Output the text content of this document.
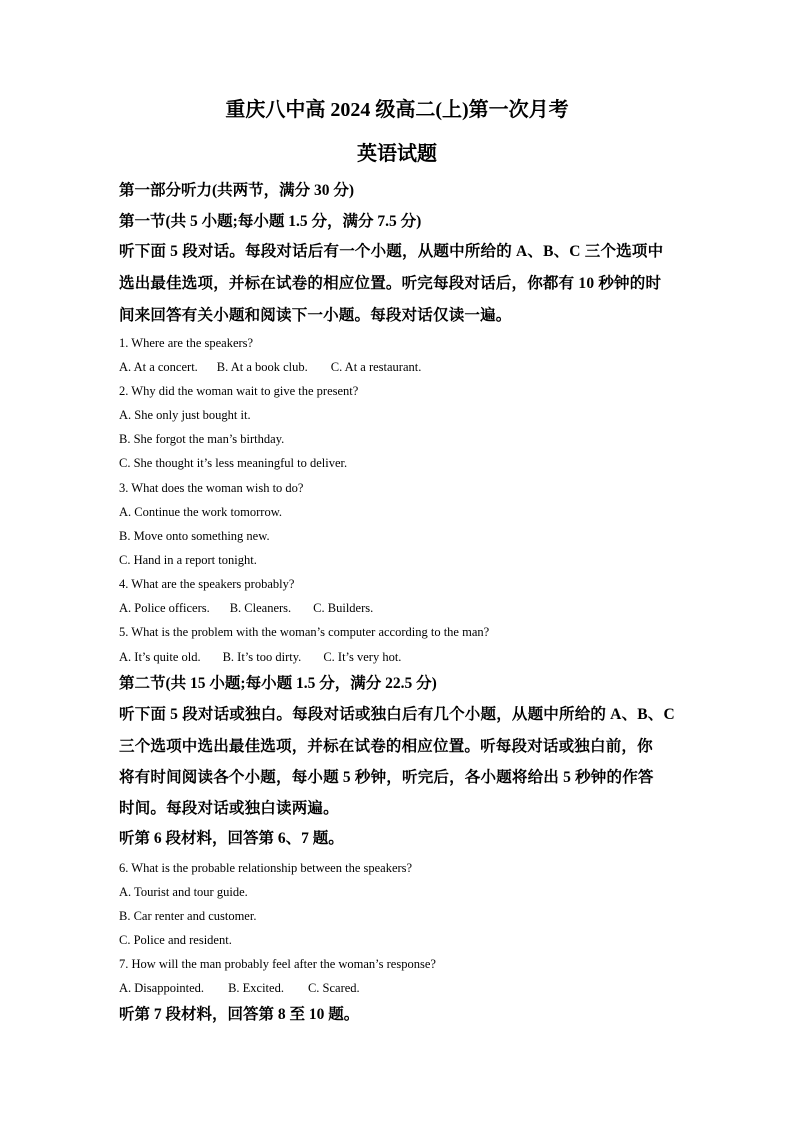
重庆八中高 2024 级高二(上)第一次月考
英语试题
第一部分听力(共两节，满分 30 分)
第一节(共 5 小题;每小题 1.5 分，满分 7.5 分)
听下面 5 段对话。每段对话后有一个小题，从题中所给的 A、B、C 三个选项中
选出最佳选项，并标在试卷的相应位置。听完每段对话后，你都有 10 秒钟的时
间来回答有关小题和阅读下一小题。每段对话仅读一遍。
1. Where are the speakers?
A. At a concert. B. At a book club. C. At a restaurant.
2. Why did the woman wait to give the present?
A. She only just bought it.
B. She forgot the man’s birthday.
C. She thought it’s less meaningful to deliver.
3. What does the woman wish to do?
A. Continue the work tomorrow.
B. Move onto something new.
C. Hand in a report tonight.
4. What are the speakers probably?
A. Police officers. B. Cleaners. C. Builders.
5. What is the problem with the woman’s computer according to the man?
A. It’s quite old. B. It’s too dirty. C. It’s very hot.
第二节(共 15 小题;每小题 1.5 分，满分 22.5 分)
听下面 5 段对话或独白。每段对话或独白后有几个小题，从题中所给的 A、B、C
三个选项中选出最佳选项，并标在试卷的相应位置。听每段对话或独白前，你
将有时间阅读各个小题，每小题 5 秒钟，听完后，各小题将给出 5 秒钟的作答
时间。每段对话或独白读两遍。
听第 6 段材料，回答第 6、7 题。
6. What is the probable relationship between the speakers?
A. Tourist and tour guide.
B. Car renter and customer.
C. Police and resident.
7. How will the man probably feel after the woman’s response?
A. Disappointed. B. Excited. C. Scared.
听第 7 段材料，回答第 8 至 10 题。
